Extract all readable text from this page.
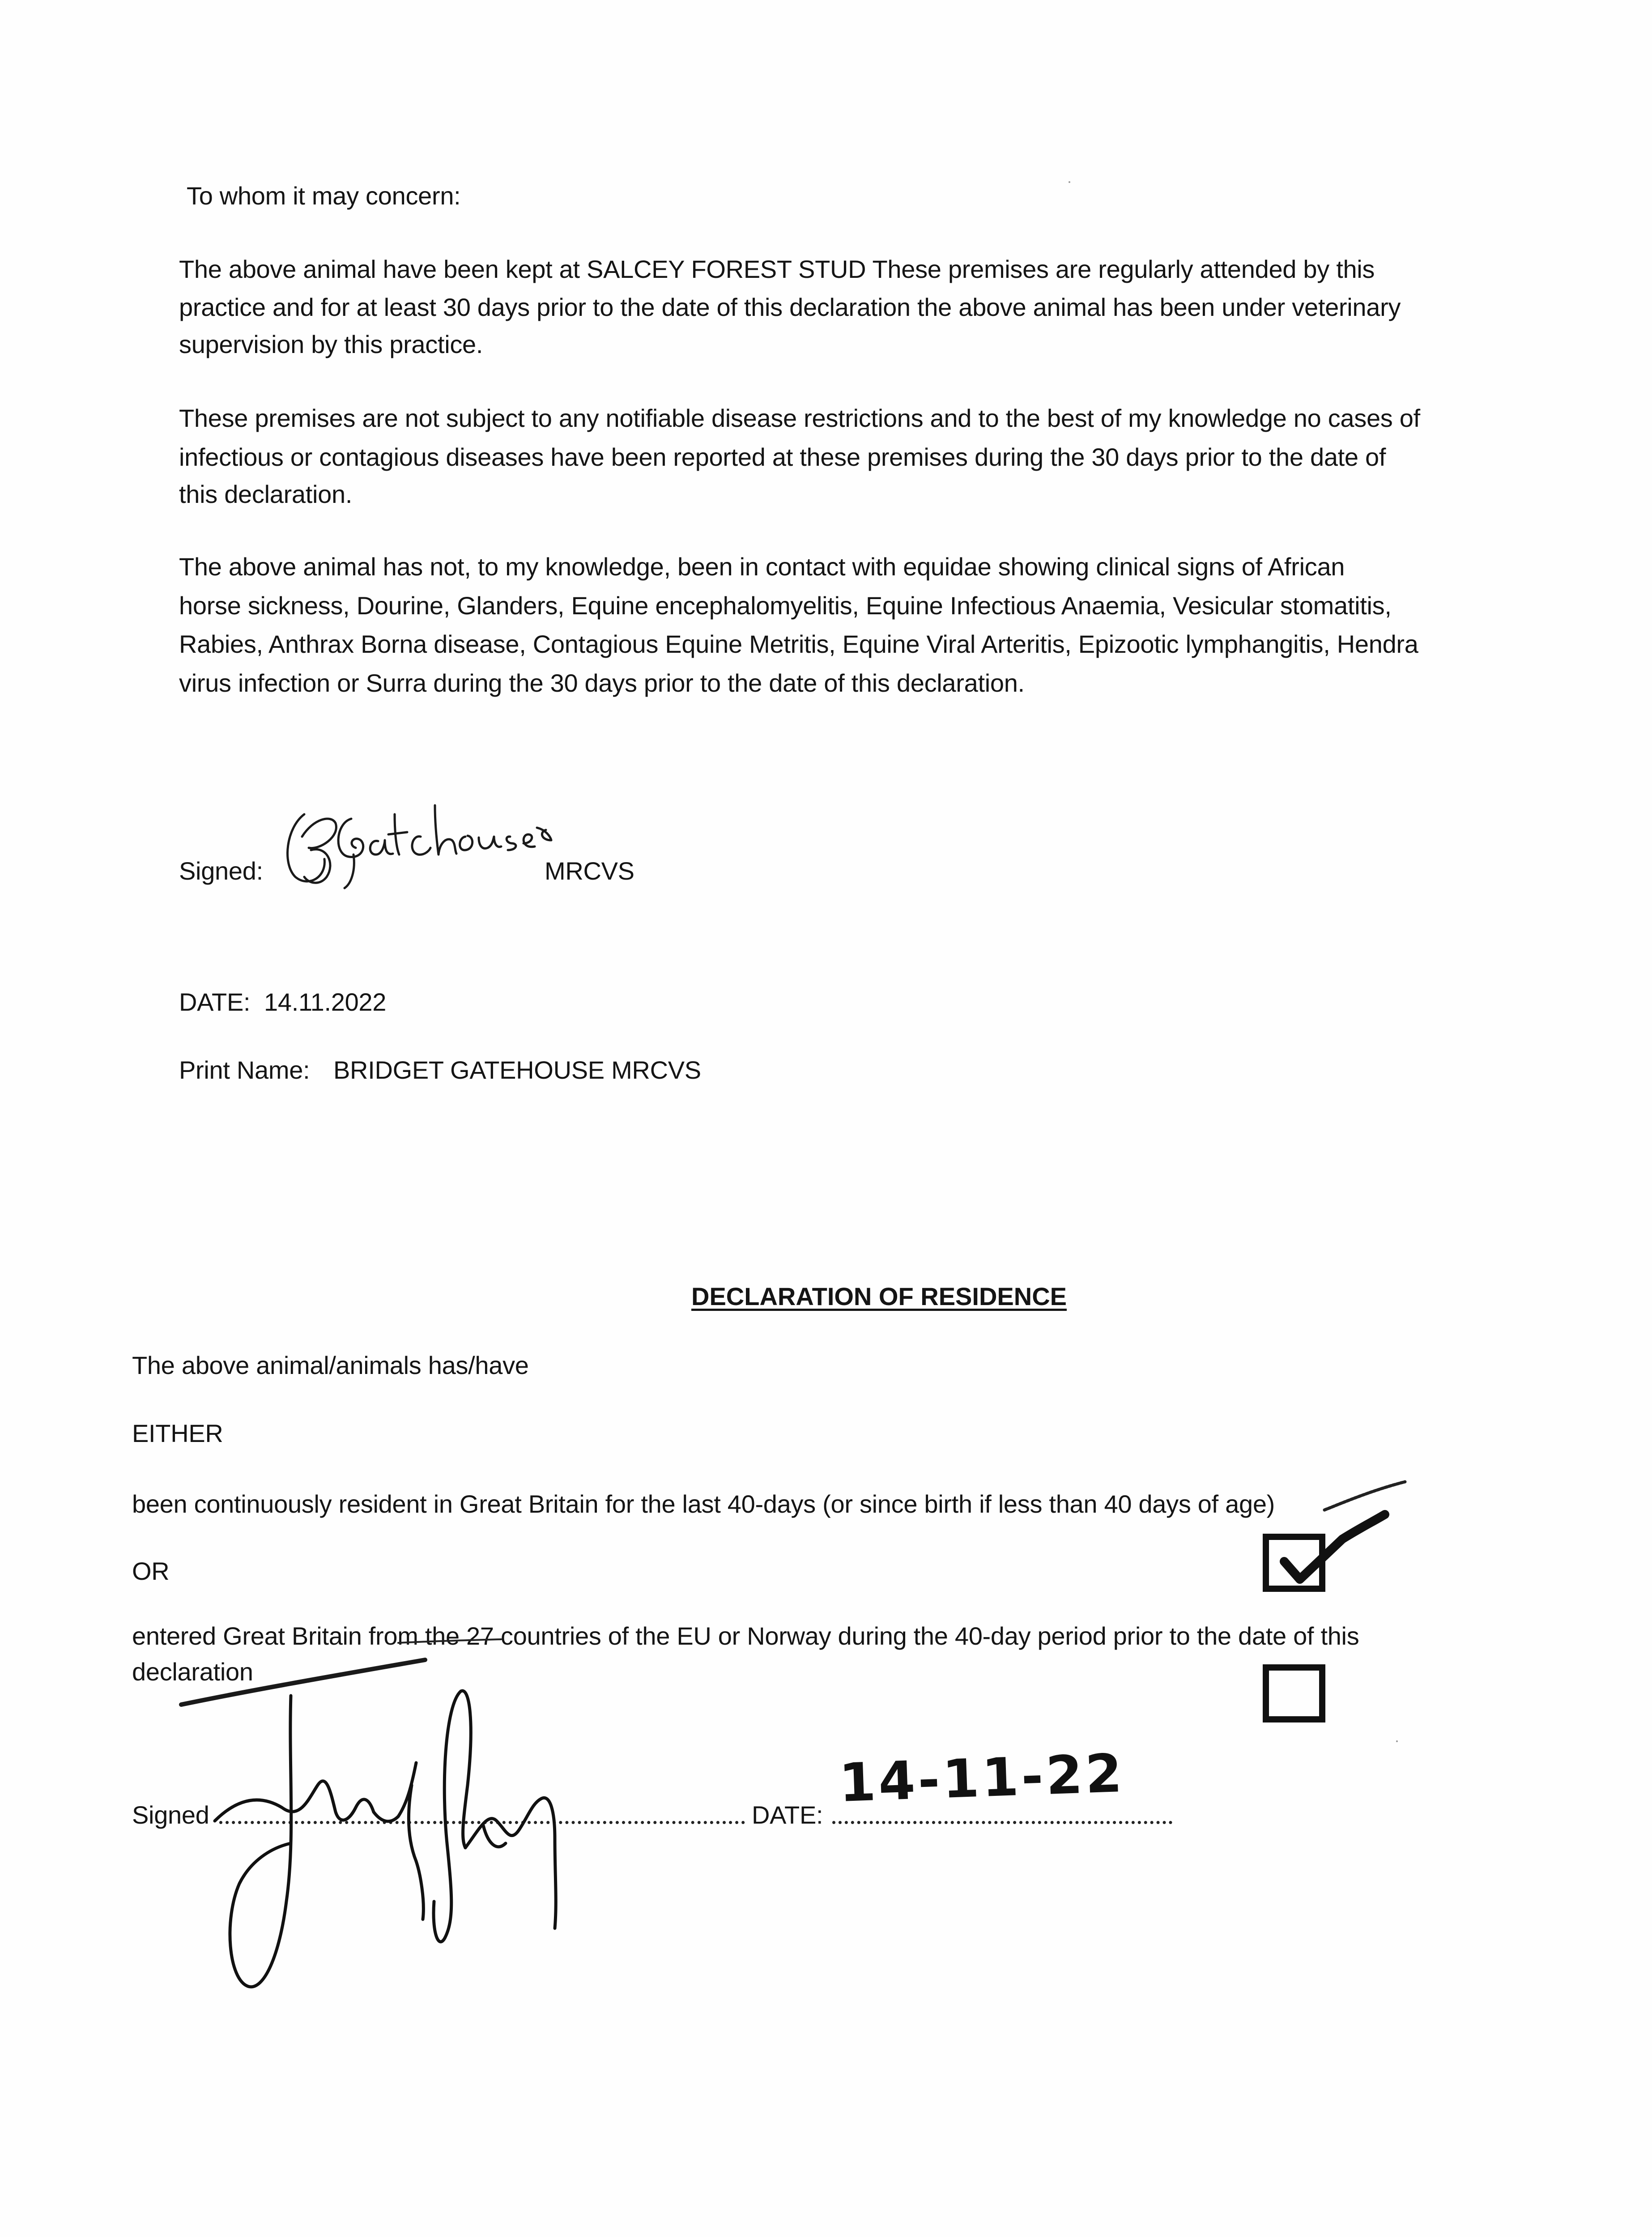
To whom it may concern:
The above animal have been kept at SALCEY FOREST STUD These premises are regularly attended by this
practice and for at least 30 days prior to the date of this declaration the above animal has been under veterinary
supervision by this practice.
These premises are not subject to any notifiable disease restrictions and to the best of my knowledge no cases of
infectious or contagious diseases have been reported at these premises during the 30 days prior to the date of
this declaration.
The above animal has not, to my knowledge, been in contact with equidae showing clinical signs of African
horse sickness, Dourine, Glanders, Equine encephalomyelitis, Equine Infectious Anaemia, Vesicular stomatitis,
Rabies, Anthrax Borna disease, Contagious Equine Metritis, Equine Viral Arteritis, Epizootic lymphangitis, Hendra
virus infection or Surra during the 30 days prior to the date of this declaration.
Signed:	MRCVS
DATE: 14.11.2022
Print Name: BRIDGET GATEHOUSE MRCVS
DECLARATION OF RESIDENCE
The above animal/animals has/have
EITHER
been continuously resident in Great Britain for the last 40-days (or since birth if less than 40 days of age)
OR
entered Great Britain from the 27 countries of the EU or Norway during the 40-day period prior to the date of this
declaration
Signed	DATE:
14-11-22
